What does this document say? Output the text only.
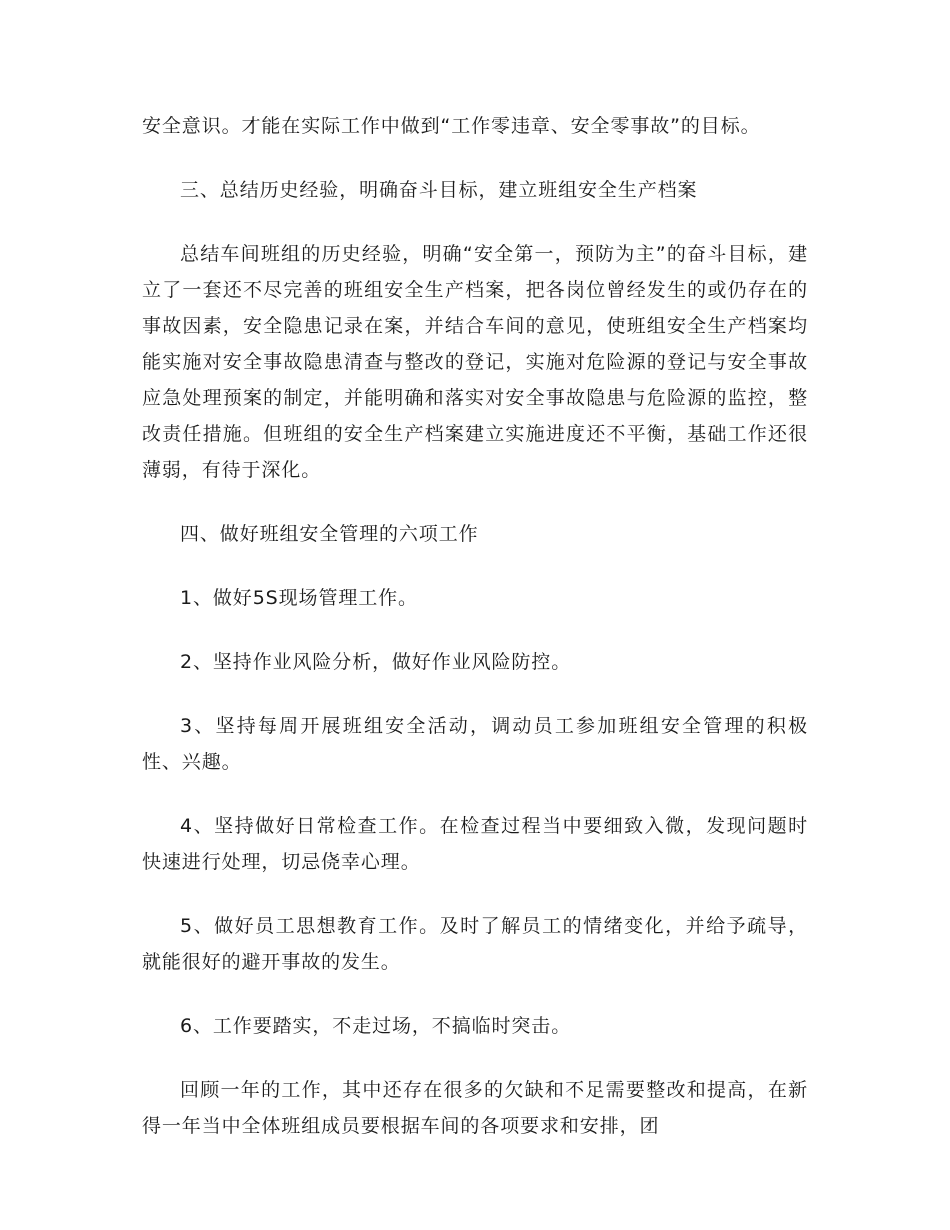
安全意识。才能在实际工作中做到“工作零违章、安全零事故”的目标。

三、总结历史经验，明确奋斗目标，建立班组安全生产档案

总结车间班组的历史经验，明确“安全第一，预防为主”的奋斗目标，建立了一套还不尽完善的班组安全生产档案，把各岗位曾经发生的或仍存在的事故因素，安全隐患记录在案，并结合车间的意见，使班组安全生产档案均能实施对安全事故隐患清查与整改的登记，实施对危险源的登记与安全事故应急处理预案的制定，并能明确和落实对安全事故隐患与危险源的监控，整改责任措施。但班组的安全生产档案建立实施进度还不平衡，基础工作还很薄弱，有待于深化。

四、做好班组安全管理的六项工作

1、做好5S现场管理工作。

2、坚持作业风险分析，做好作业风险防控。

3、坚持每周开展班组安全活动，调动员工参加班组安全管理的积极性、兴趣。

4、坚持做好日常检查工作。在检查过程当中要细致入微，发现问题时快速进行处理，切忌侥幸心理。

5、做好员工思想教育工作。及时了解员工的情绪变化，并给予疏导，就能很好的避开事故的发生。

6、工作要踏实，不走过场，不搞临时突击。

回顾一年的工作，其中还存在很多的欠缺和不足需要整改和提高，在新得一年当中全体班组成员要根据车间的各项要求和安排，团
